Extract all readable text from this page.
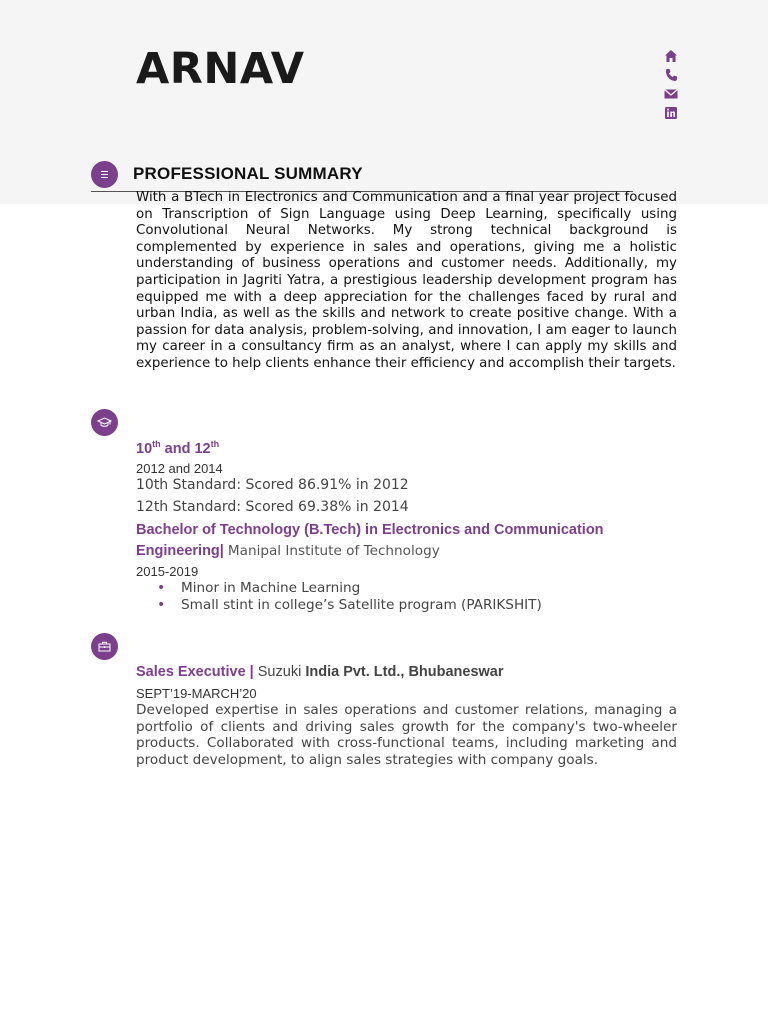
ARNAV
PROFESSIONAL SUMMARY

With a BTech in Electronics and Communication and a final year project focused on Transcription of Sign Language using Deep Learning, specifically using Convolutional Neural Networks. My strong technical background is complemented by experience in sales and operations, giving me a holistic understanding of business operations and customer needs. Additionally, my participation in Jagriti Yatra, a prestigious leadership development program has equipped me with a deep appreciation for the challenges faced by rural and urban India, as well as the skills and network to create positive change. With a passion for data analysis, problem-solving, and innovation, I am eager to launch my career in a consultancy firm as an analyst, where I can apply my skills and experience to help clients enhance their efficiency and accomplish their targets.

10th and 12th

2012 and 2014

10th Standard: Scored 86.91% in 2012

12th Standard: Scored 69.38% in 2014

Bachelor of Technology (B.Tech) in Electronics and Communication Engineering| Manipal Institute of Technology

2015-2019

• Minor in Machine Learning
• Small stint in college’s Satellite program (PARIKSHIT)

Sales Executive | Suzuki India Pvt. Ltd., Bhubaneswar

SEPT’19-MARCH’20

Developed expertise in sales operations and customer relations, managing a portfolio of clients and driving sales growth for the company's two-wheeler products. Collaborated with cross-functional teams, including marketing and product development, to align sales strategies with company goals.
